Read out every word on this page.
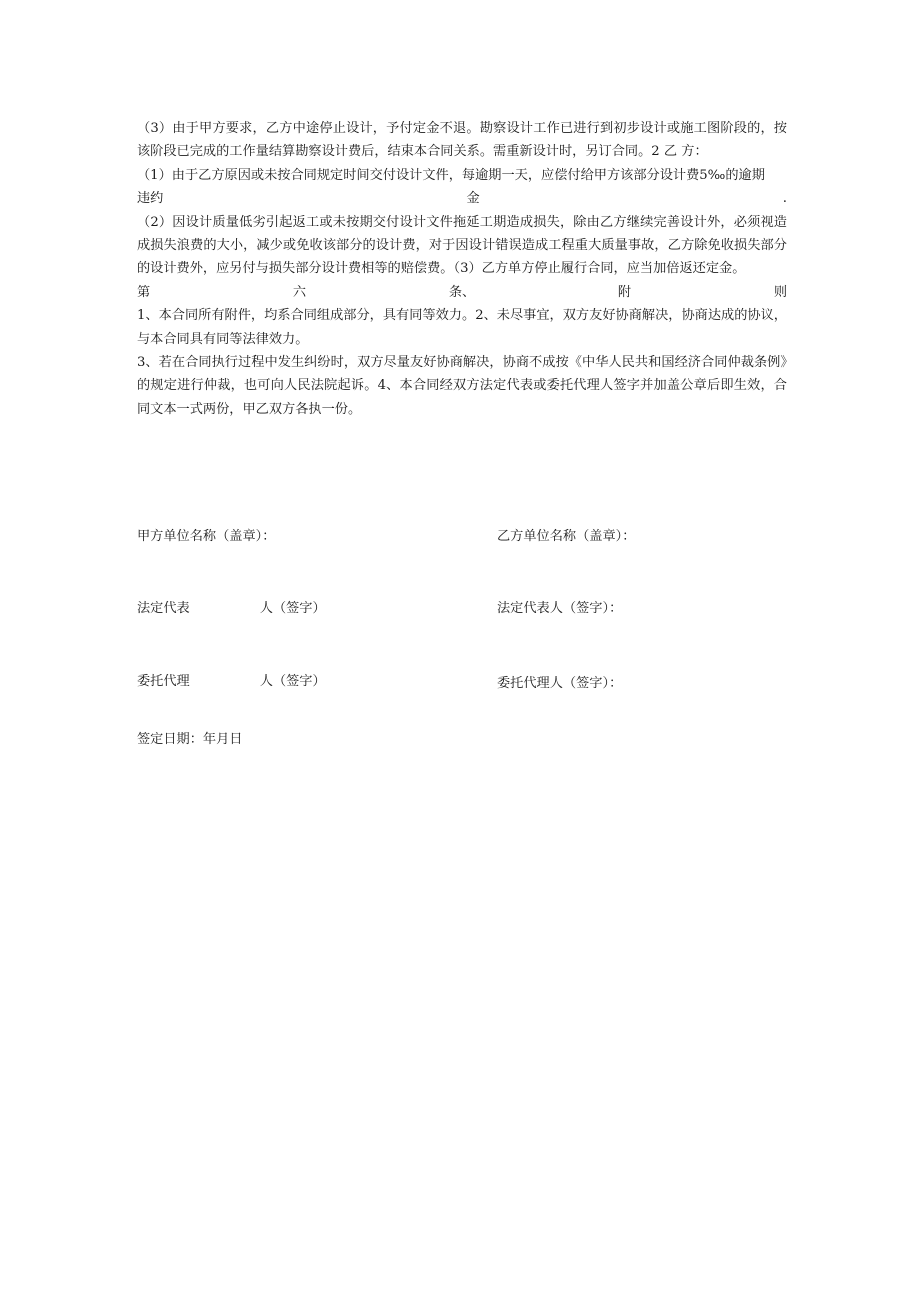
（3）由于甲方要求，乙方中途停止设计，予付定金不退。勘察设计工作已进行到初步设计或施工图阶段的，按该阶段已完成的工作量结算勘察设计费后，结束本合同关系。需重新设计时，另订合同。2 乙 方：

（1）由于乙方原因或未按合同规定时间交付设计文件，每逾期一天，应偿付给甲方该部分设计费5‰的逾期

违约	金	.

（2）因设计质量低劣引起返工或未按期交付设计文件拖延工期造成损失，除由乙方继续完善设计外，必须视造成损失浪费的大小，减少或免收该部分的设计费，对于因设计错误造成工程重大质量事故，乙方除免收损失部分的设计费外，应另付与损失部分设计费相等的赔偿费。（3）乙方单方停止履行合同，应当加倍返还定金。

第	六	条、	附	则

1、本合同所有附件，均系合同组成部分，具有同等效力。2、未尽事宜，双方友好协商解决，协商达成的协议，与本合同具有同等法律效力。

3、若在合同执行过程中发生纠纷时，双方尽量友好协商解决，协商不成按《中华人民共和国经济合同仲裁条例》的规定进行仲裁，也可向人民法院起诉。4、本合同经双方法定代表或委托代理人签字并加盖公章后即生效，合同文本一式两份，甲乙双方各执一份。

甲方单位名称（盖章）：	乙方单位名称（盖章）：
法定代表	人（签字）	法定代表人（签字）：
委托代理	人（签字）	委托代理人（签字）：
签定日期：年月日
